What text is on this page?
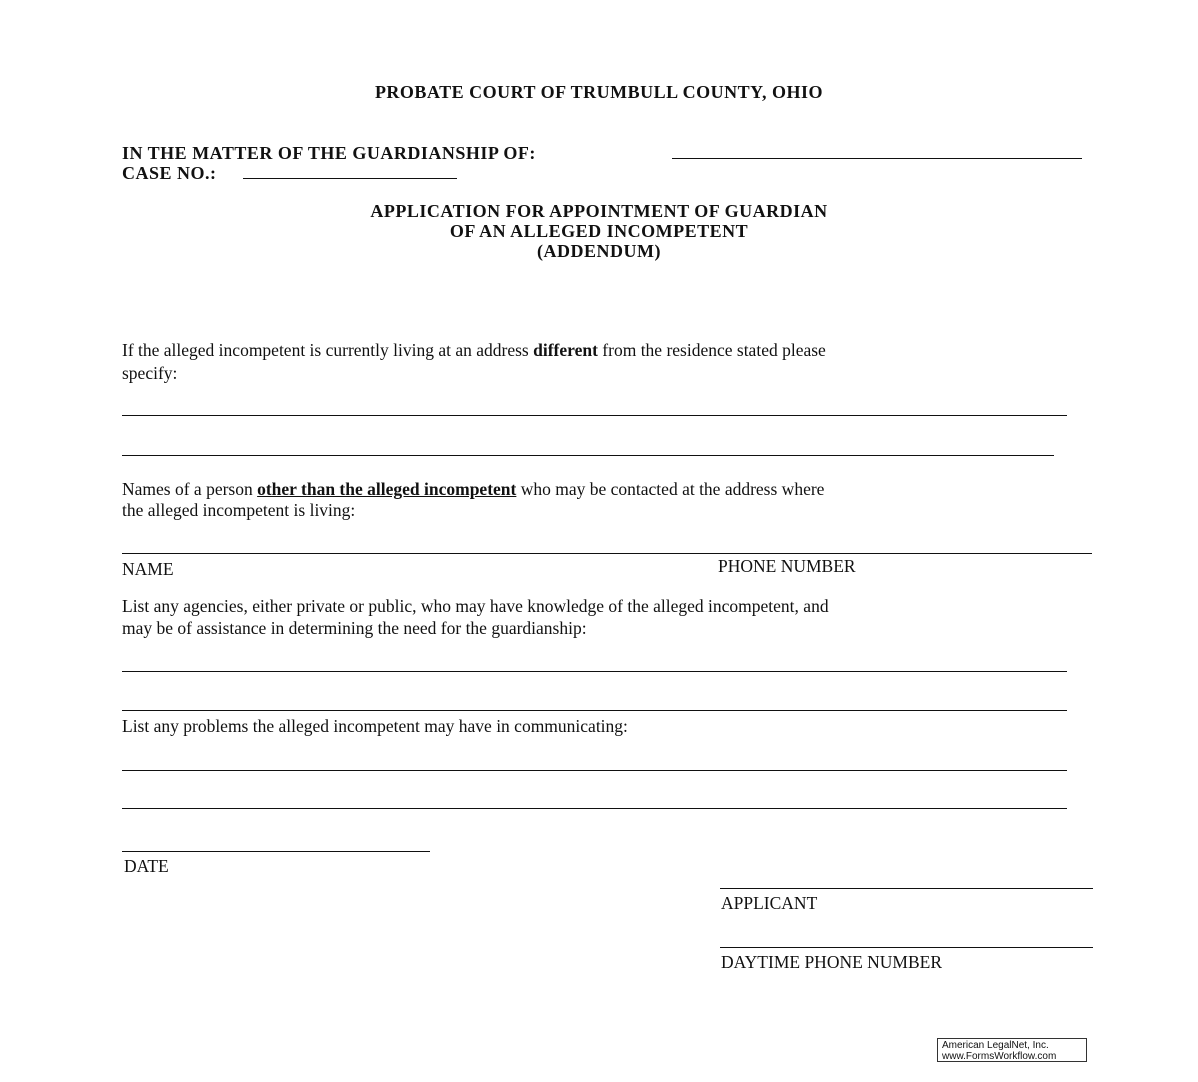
PROBATE COURT OF TRUMBULL COUNTY, OHIO
IN THE MATTER OF THE GUARDIANSHIP OF:
CASE NO.:
APPLICATION FOR APPOINTMENT OF GUARDIAN
OF AN ALLEGED INCOMPETENT
(ADDENDUM)
If the alleged incompetent is currently living at an address different from the residence stated please
specify:
Names of a person other than the alleged incompetent who may be contacted at the address where
the alleged incompetent is living:
NAME	PHONE NUMBER
List any agencies, either private or public, who may have knowledge of the alleged incompetent, and
may be of assistance in determining the need for the guardianship:
List any problems the alleged incompetent may have in communicating:
DATE
APPLICANT
DAYTIME PHONE NUMBER
American LegalNet, Inc.
www.FormsWorkflow.com
